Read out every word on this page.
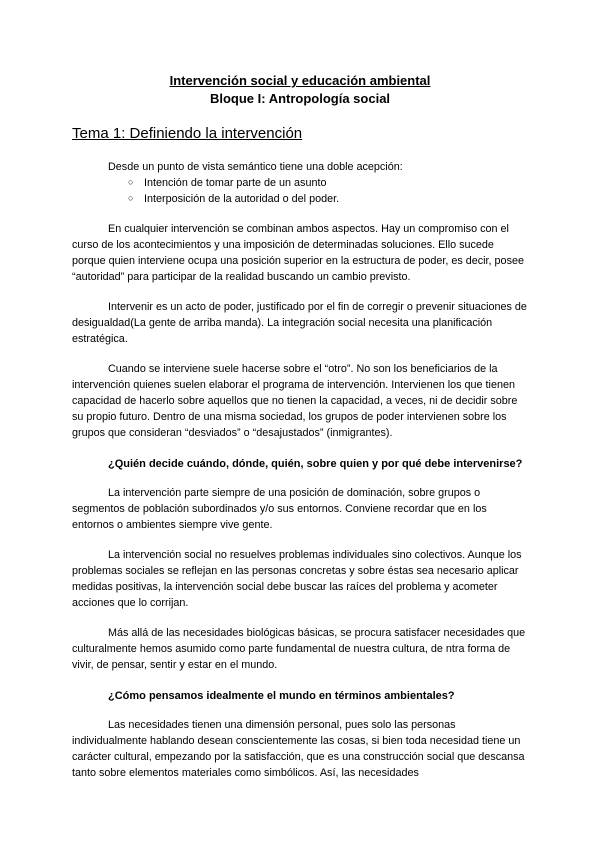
Intervención social y educación ambiental
Bloque I: Antropología social
Tema 1: Definiendo la intervención

Desde un punto de vista semántico tiene una doble acepción:

○ Intención de tomar parte de un asunto
○ Interposición de la autoridad o del poder.

En cualquier intervención se combinan ambos aspectos. Hay un compromiso con el curso de los acontecimientos y una imposición de determinadas soluciones. Ello sucede porque quien interviene ocupa una posición superior en la estructura de poder, es decir, posee “autoridad” para participar de la realidad buscando un cambio previsto.

Intervenir es un acto de poder, justificado por el fin de corregir o prevenir situaciones de desigualdad(La gente de arriba manda). La integración social necesita una planificación estratégica.

Cuando se interviene suele hacerse sobre el “otro”. No son los beneficiarios de la intervención quienes suelen elaborar el programa de intervención. Intervienen los que tienen capacidad de hacerlo sobre aquellos que no tienen la capacidad, a veces, ni de decidir sobre su propio futuro. Dentro de una misma sociedad, los grupos de poder intervienen sobre los grupos que consideran “desviados” o “desajustados” (inmigrantes).

¿Quién decide cuándo, dónde, quién, sobre quien y por qué debe intervenirse?

La intervención parte siempre de una posición de dominación, sobre grupos o segmentos de población subordinados y/o sus entornos. Conviene recordar que en los entornos o ambientes siempre vive gente.

La intervención social no resuelves problemas individuales sino colectivos. Aunque los problemas sociales se reflejan en las personas concretas y sobre éstas sea necesario aplicar medidas positivas, la intervención social debe buscar las raíces del problema y acometer acciones que lo corrijan.

Más allá de las necesidades biológicas básicas, se procura satisfacer necesidades que culturalmente hemos asumido como parte fundamental de nuestra cultura, de ntra forma de vivir, de pensar, sentir y estar en el mundo.

¿Cómo pensamos idealmente el mundo en términos ambientales?

Las necesidades tienen una dimensión personal, pues solo las personas individualmente hablando desean conscientemente las cosas, si bien toda necesidad tiene un carácter cultural, empezando por la satisfacción, que es una construcción social que descansa tanto sobre elementos materiales como simbólicos. Así, las necesidades
